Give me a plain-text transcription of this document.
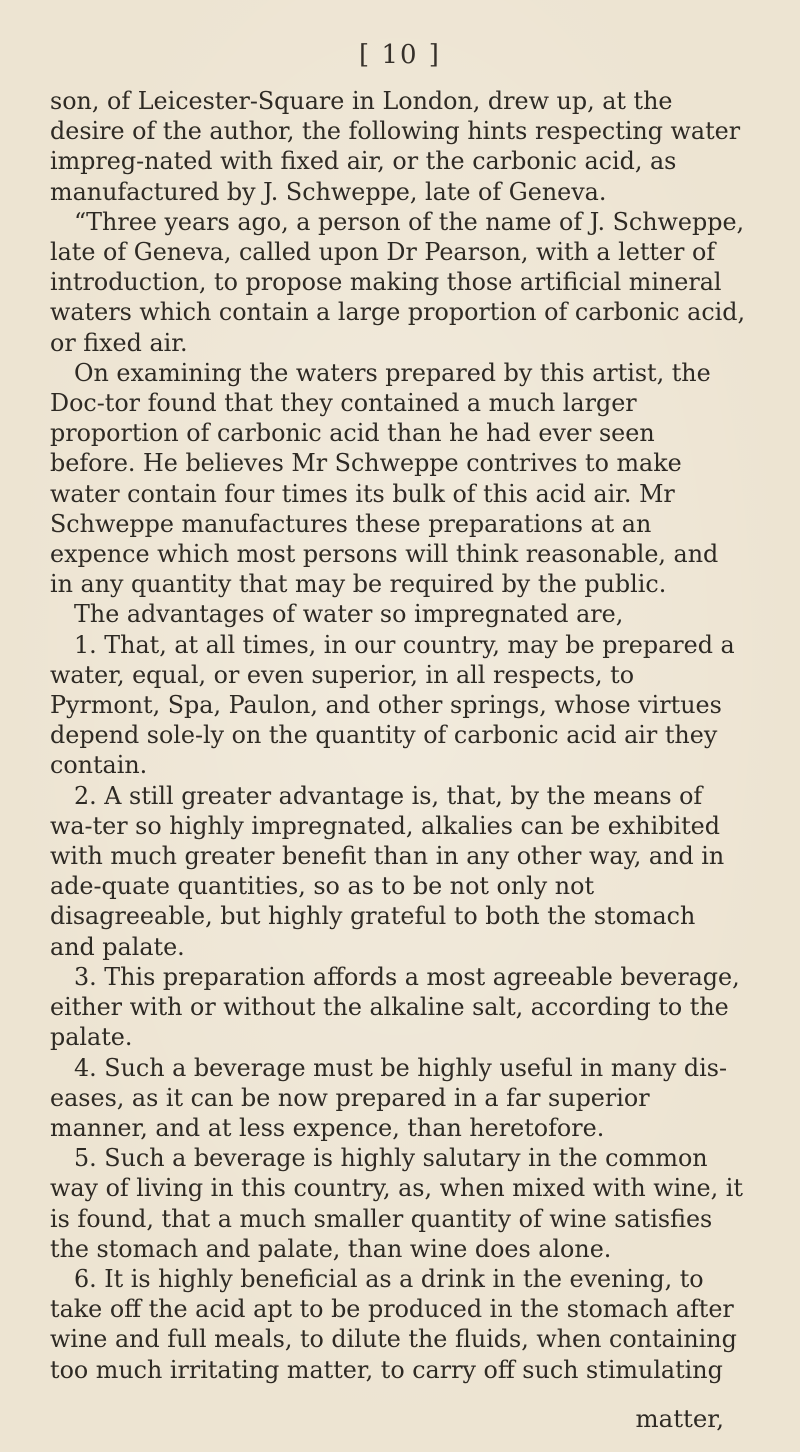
[ 10 ]

son, of Leicester-Square in London, drew up, at the desire of the author, the following hints respecting water impreg-nated with fixed air, or the carbonic acid, as manufactured by J. Schweppe, late of Geneva.

“Three years ago, a person of the name of J. Schweppe, late of Geneva, called upon Dr Pearson, with a letter of introduction, to propose making those artificial mineral waters which contain a large proportion of carbonic acid, or fixed air.

On examining the waters prepared by this artist, the Doc-tor found that they contained a much larger proportion of carbonic acid than he had ever seen before. He believes Mr Schweppe contrives to make water contain four times its bulk of this acid air. Mr Schweppe manufactures these preparations at an expence which most persons will think reasonable, and in any quantity that may be required by the public.

The advantages of water so impregnated are,

1. That, at all times, in our country, may be prepared a water, equal, or even superior, in all respects, to Pyrmont, Spa, Paulon, and other springs, whose virtues depend sole-ly on the quantity of carbonic acid air they contain.

2. A still greater advantage is, that, by the means of wa-ter so highly impregnated, alkalies can be exhibited with much greater benefit than in any other way, and in ade-quate quantities, so as to be not only not disagreeable, but highly grateful to both the stomach and palate.

3. This preparation affords a most agreeable beverage, either with or without the alkaline salt, according to the palate.

4. Such a beverage must be highly useful in many dis-eases, as it can be now prepared in a far superior manner, and at less expence, than heretofore.

5. Such a beverage is highly salutary in the common way of living in this country, as, when mixed with wine, it is found, that a much smaller quantity of wine satisfies the stomach and palate, than wine does alone.

6. It is highly beneficial as a drink in the evening, to take off the acid apt to be produced in the stomach after wine and full meals, to dilute the fluids, when containing too much irritating matter, to carry off such stimulating

matter,
